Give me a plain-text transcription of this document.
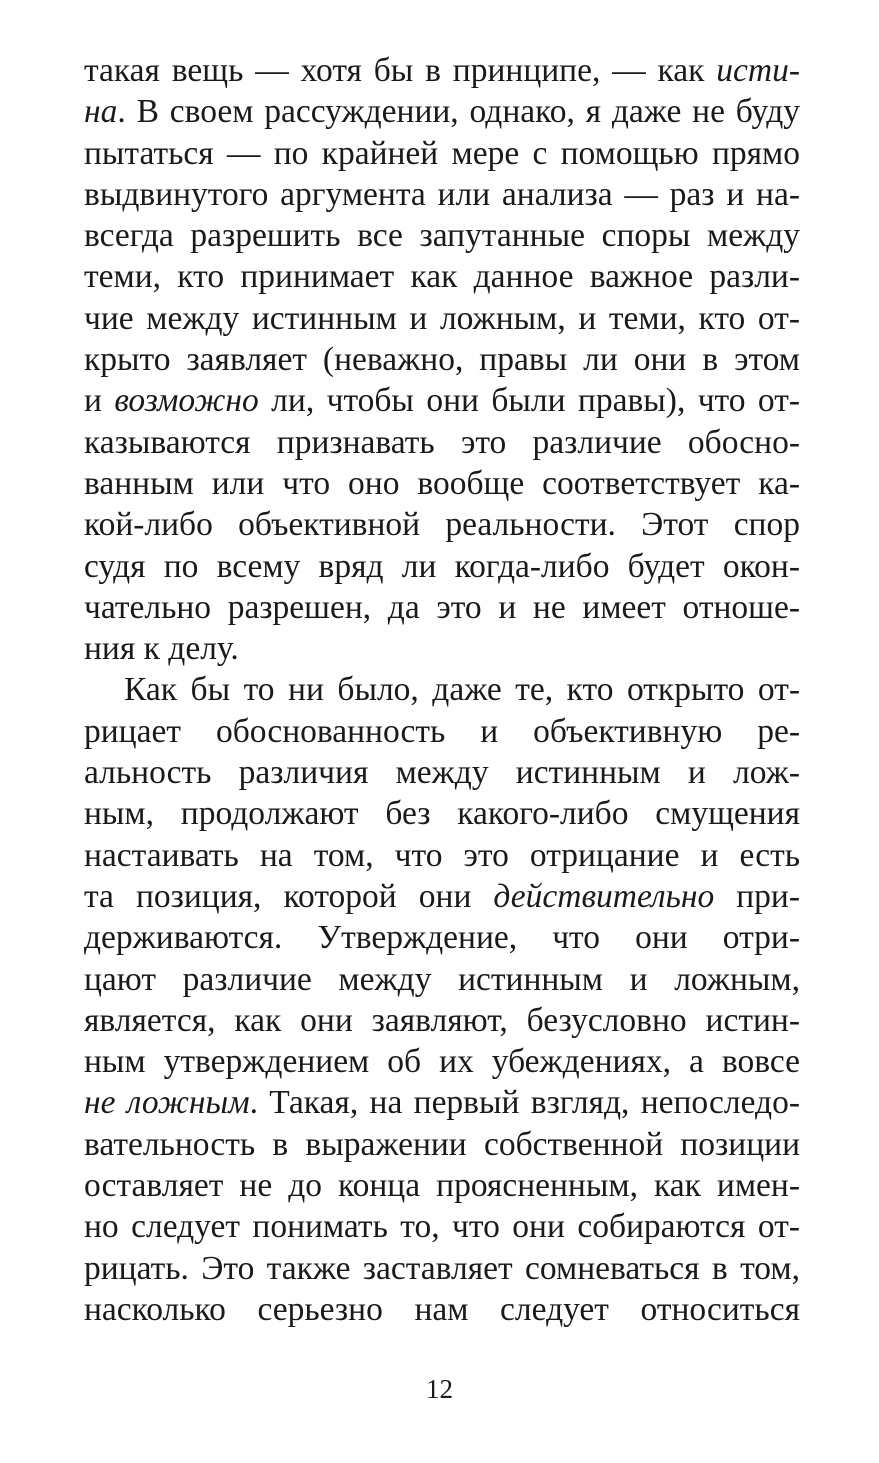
такая вещь — хотя бы в принципе, — как исти-
на. В своем рассуждении, однако, я даже не буду
пытаться — по крайней мере с помощью прямо
выдвинутого аргумента или анализа — раз и на-
всегда разрешить все запутанные споры между
теми, кто принимает как данное важное разли-
чие между истинным и ложным, и теми, кто от-
крыто заявляет (неважно, правы ли они в этом
и возможно ли, чтобы они были правы), что от-
казываются признавать это различие обосно-
ванным или что оно вообще соответствует ка-
кой-либо объективной реальности. Этот спор
судя по всему вряд ли когда-либо будет окон-
чательно разрешен, да это и не имеет отноше-
ния к делу.
Как бы то ни было, даже те, кто открыто от-
рицает обоснованность и объективную ре-
альность различия между истинным и лож-
ным, продолжают без какого-либо смущения
настаивать на том, что это отрицание и есть
та позиция, которой они действительно при-
держиваются. Утверждение, что они отри-
цают различие между истинным и ложным,
является, как они заявляют, безусловно истин-
ным утверждением об их убеждениях, а вовсе
не ложным. Такая, на первый взгляд, непоследо-
вательность в выражении собственной позиции
оставляет не до конца проясненным, как имен-
но следует понимать то, что они собираются от-
рицать. Это также заставляет сомневаться в том,
насколько серьезно нам следует относиться
12
